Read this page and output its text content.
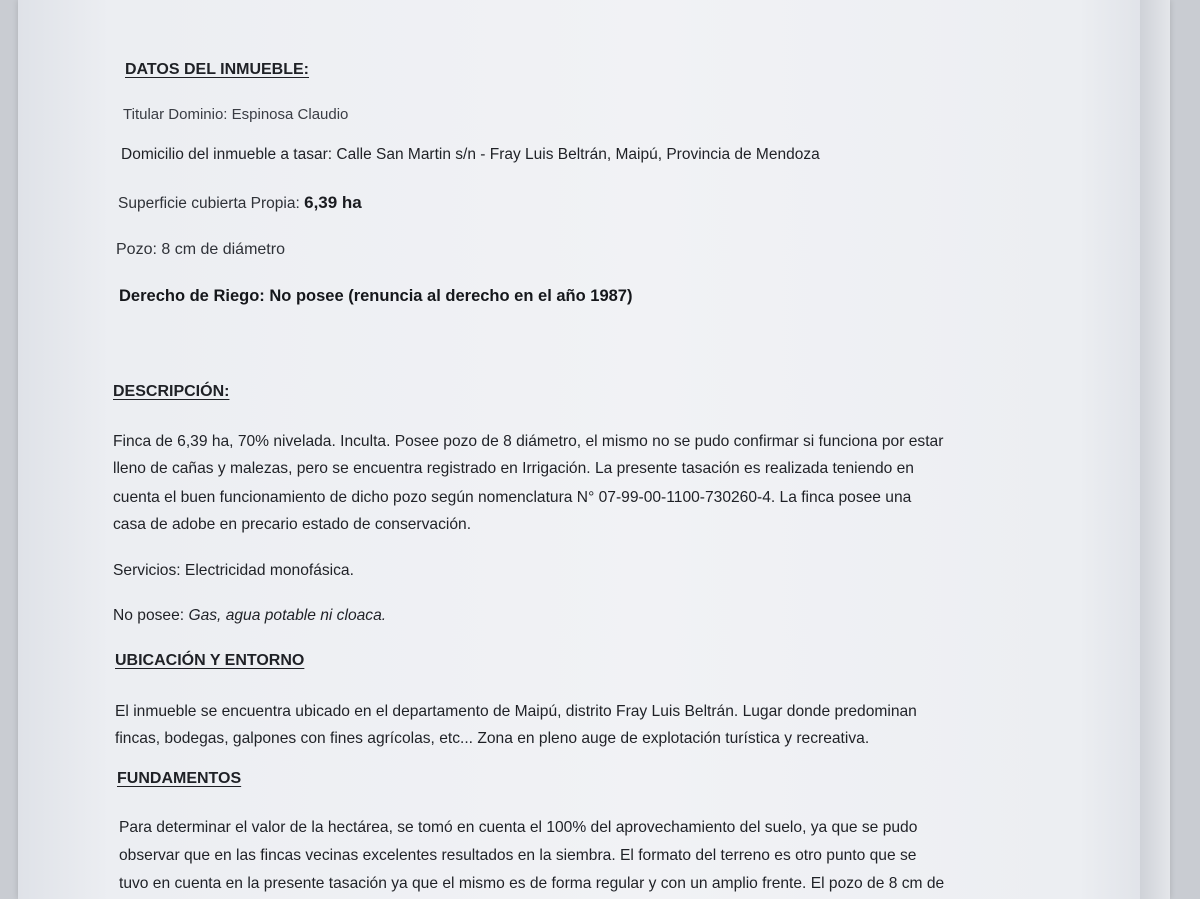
DATOS DEL INMUEBLE:
Titular Dominio: Espinosa Claudio
Domicilio del inmueble a tasar: Calle San Martin s/n - Fray Luis Beltrán, Maipú, Provincia de Mendoza
Superficie cubierta Propia: 6,39 ha
Pozo: 8 cm de diámetro
Derecho de Riego: No posee (renuncia al derecho en el año 1987)
DESCRIPCIÓN:
Finca de 6,39 ha, 70% nivelada. Inculta. Posee pozo de 8 diámetro, el mismo no se pudo confirmar si funciona por estar
lleno de cañas y malezas, pero se encuentra registrado en Irrigación. La presente tasación es realizada teniendo en
cuenta el buen funcionamiento de dicho pozo según nomenclatura N° 07-99-00-1100-730260-4. La finca posee una
casa de adobe en precario estado de conservación.
Servicios: Electricidad monofásica.
No posee: Gas, agua potable ni cloaca.
UBICACIÓN Y ENTORNO
El inmueble se encuentra ubicado en el departamento de Maipú, distrito Fray Luis Beltrán. Lugar donde predominan
fincas, bodegas, galpones con fines agrícolas, etc... Zona en pleno auge de explotación turística y recreativa.
FUNDAMENTOS
Para determinar el valor de la hectárea, se tomó en cuenta el 100% del aprovechamiento del suelo, ya que se pudo
observar que en las fincas vecinas excelentes resultados en la siembra. El formato del terreno es otro punto que se
tuvo en cuenta en la presente tasación ya que el mismo es de forma regular y con un amplio frente. El pozo de 8 cm de
